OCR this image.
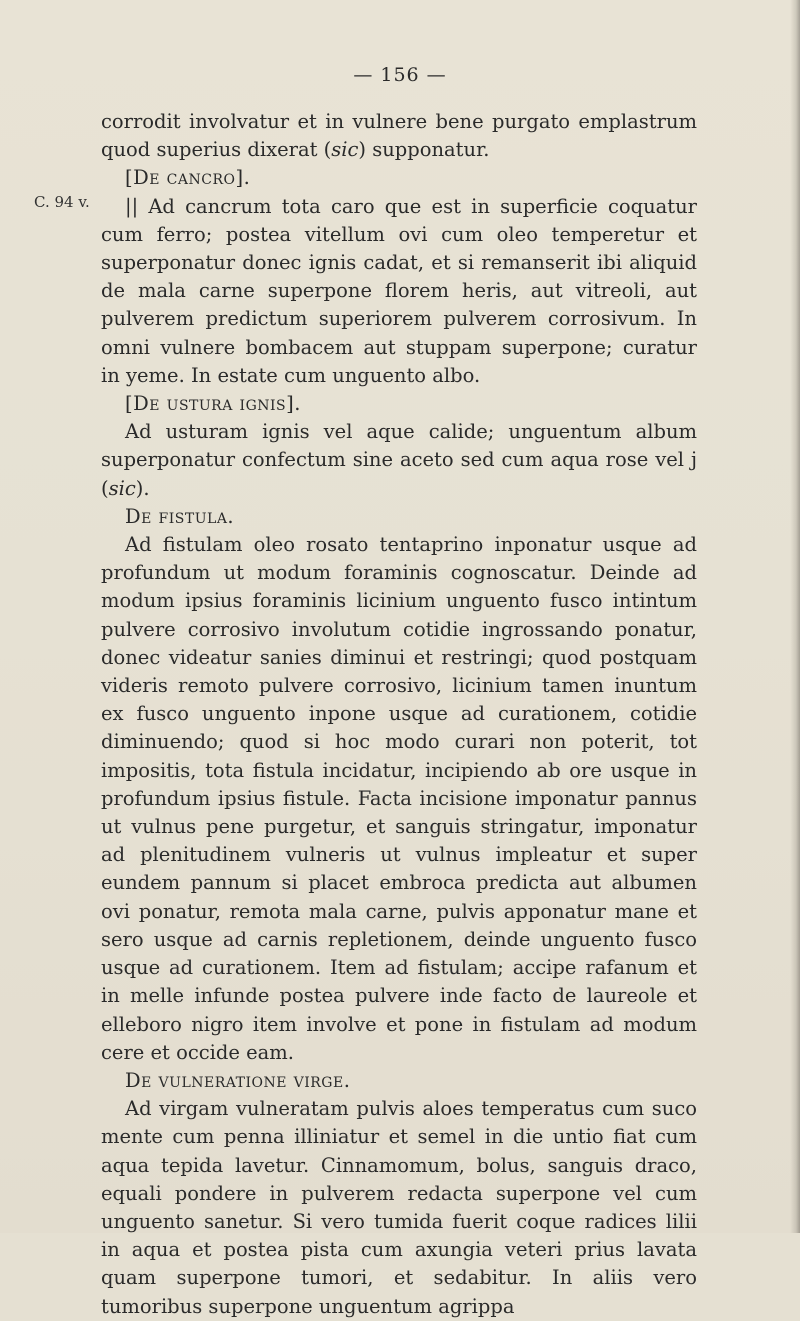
— 156 —
C. 94 v.

corrodit involvatur et in vulnere bene purgato emplastrum quod superius dixerat (sic) supponatur.

[De cancro].

|| Ad cancrum tota caro que est in superficie coquatur cum ferro; postea vitellum ovi cum oleo temperetur et superponatur donec ignis cadat, et si remanserit ibi aliquid de mala carne superpone florem heris, aut vitreoli, aut pulverem predictum superiorem pulverem corrosivum. In omni vulnere bombacem aut stuppam superpone; curatur in yeme. In estate cum unguento albo.

[De ustura ignis].

Ad usturam ignis vel aque calide; unguentum album superponatur confectum sine aceto sed cum aqua rose vel j (sic).

De fistula.

Ad fistulam oleo rosato tentaprino inponatur usque ad profundum ut modum foraminis cognoscatur. Deinde ad modum ipsius foraminis licinium unguento fusco intintum pulvere corrosivo involutum cotidie ingrossando ponatur, donec videatur sanies diminui et restringi; quod postquam videris remoto pulvere corrosivo, licinium tamen inuntum ex fusco unguento inpone usque ad curationem, cotidie diminuendo; quod si hoc modo curari non poterit, tot impositis, tota fistula incidatur, incipiendo ab ore usque in profundum ipsius fistule. Facta incisione imponatur pannus ut vulnus pene purgetur, et sanguis stringatur, imponatur ad plenitudinem vulneris ut vulnus impleatur et super eundem pannum si placet embroca predicta aut albumen ovi ponatur, remota mala carne, pulvis apponatur mane et sero usque ad carnis repletionem, deinde unguento fusco usque ad curationem. Item ad fistulam; accipe rafanum et in melle infunde postea pulvere inde facto de laureole et elleboro nigro item involve et pone in fistulam ad modum cere et occide eam.

De vulneratione virge.

Ad virgam vulneratam pulvis aloes temperatus cum suco mente cum penna illiniatur et semel in die untio fiat cum aqua tepida lavetur. Cinnamomum, bolus, sanguis draco, equali pondere in pulverem redacta superpone vel cum unguento sanetur. Si vero tumida fuerit coque radices lilii in aqua et postea pista cum axungia veteri prius lavata quam superpone tumori, et sedabitur. In aliis vero tumoribus superpone unguentum agrippa
